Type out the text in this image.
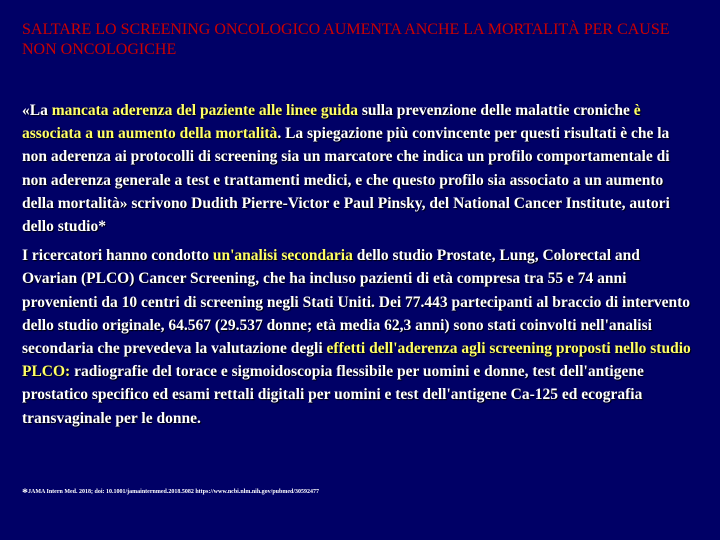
SALTARE LO SCREENING ONCOLOGICO AUMENTA ANCHE LA MORTALITÀ PER CAUSE NON ONCOLOGICHE

«La mancata aderenza del paziente alle linee guida sulla prevenzione delle malattie croniche è associata a un aumento della mortalità. La spiegazione più convincente per questi risultati è che la non aderenza ai protocolli di screening sia un marcatore che indica un profilo comportamentale di non aderenza generale a test e trattamenti medici, e che questo profilo sia associato a un aumento della mortalità» scrivono Dudith Pierre-Victor e Paul Pinsky, del National Cancer Institute, autori dello studio*

I ricercatori hanno condotto un'analisi secondaria dello studio Prostate, Lung, Colorectal and Ovarian (PLCO) Cancer Screening, che ha incluso pazienti di età compresa tra 55 e 74 anni provenienti da 10 centri di screening negli Stati Uniti. Dei 77.443 partecipanti al braccio di intervento dello studio originale, 64.567 (29.537 donne; età media 62,3 anni) sono stati coinvolti nell'analisi secondaria che prevedeva la valutazione degli effetti dell'aderenza agli screening proposti nello studio PLCO: radiografie del torace e sigmoidoscopia flessibile per uomini e donne, test dell'antigene prostatico specifico ed esami rettali digitali per uomini e test dell'antigene Ca-125 ed ecografia transvaginale per le donne.

*JAMA Intern Med. 2018; doi: 10.1001/jamainternmed.2018.5082 https://www.ncbi.nlm.nih.gov/pubmed/30592477
